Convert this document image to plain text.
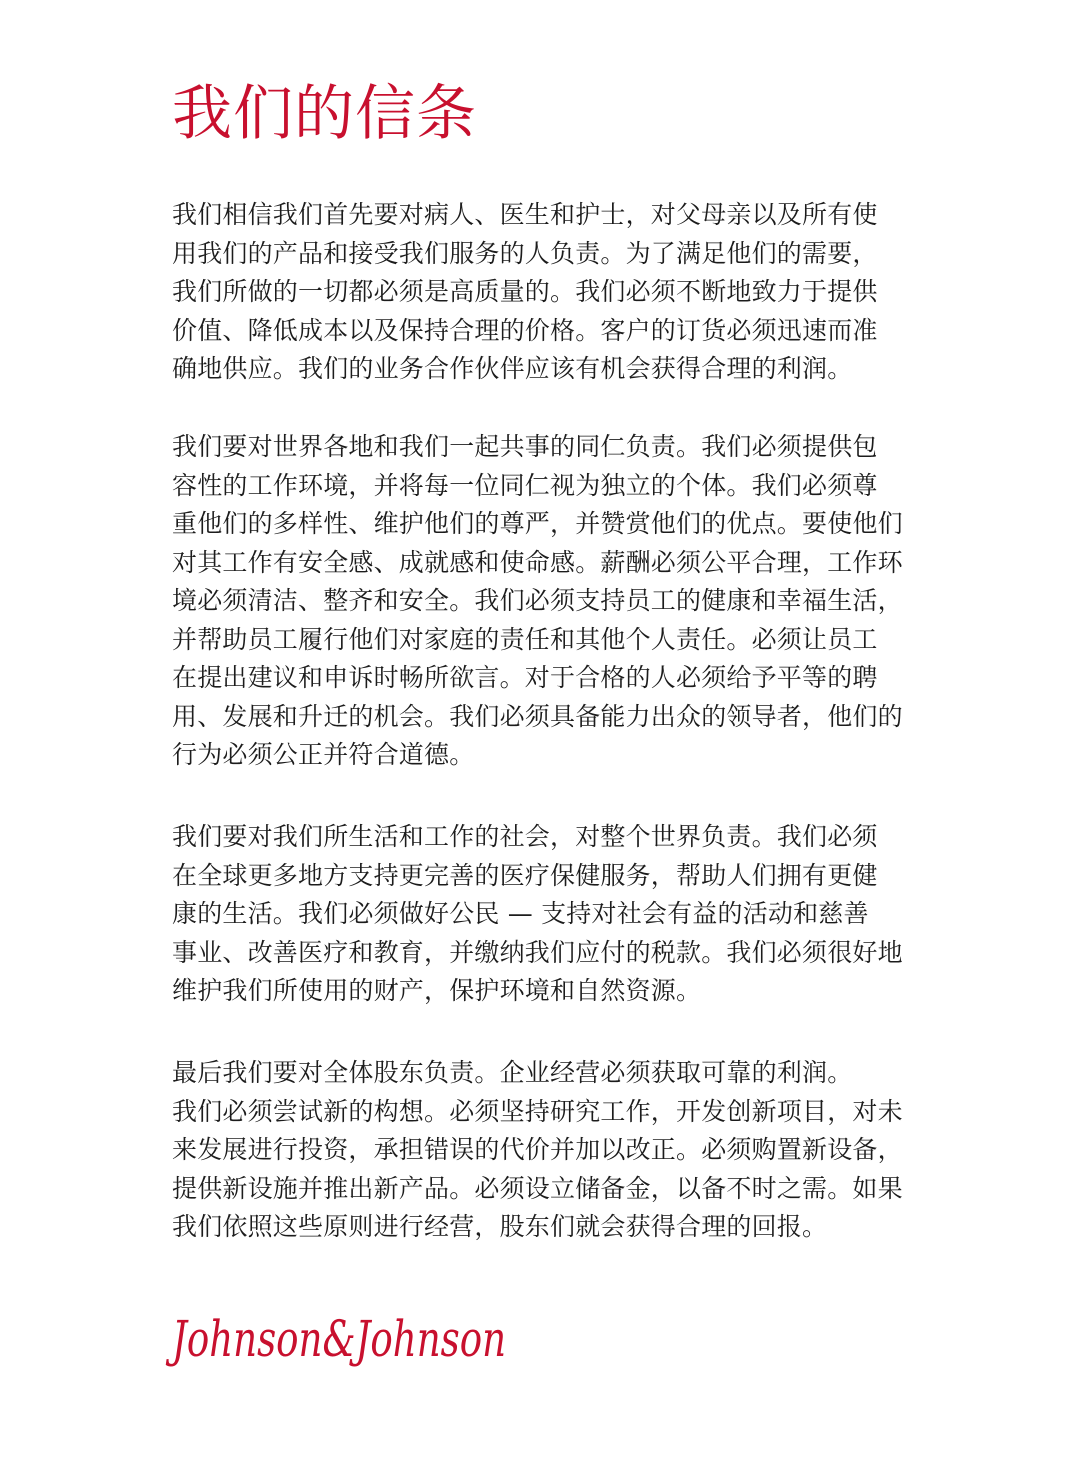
我们的信条
我们相信我们首先要对病人、医生和护士，对父母亲以及所有使
用我们的产品和接受我们服务的人负责。为了满足他们的需要，
我们所做的一切都必须是高质量的。我们必须不断地致力于提供
价值、降低成本以及保持合理的价格。客户的订货必须迅速而准
确地供应。我们的业务合作伙伴应该有机会获得合理的利润。
我们要对世界各地和我们一起共事的同仁负责。我们必须提供包
容性的工作环境，并将每一位同仁视为独立的个体。我们必须尊
重他们的多样性、维护他们的尊严，并赞赏他们的优点。要使他们
对其工作有安全感、成就感和使命感。薪酬必须公平合理，工作环
境必须清洁、整齐和安全。我们必须支持员工的健康和幸福生活，
并帮助员工履行他们对家庭的责任和其他个人责任。必须让员工
在提出建议和申诉时畅所欲言。对于合格的人必须给予平等的聘
用、发展和升迁的机会。我们必须具备能力出众的领导者，他们的
行为必须公正并符合道德。
我们要对我们所生活和工作的社会，对整个世界负责。我们必须
在全球更多地方支持更完善的医疗保健服务，帮助人们拥有更健
康的生活。我们必须做好公民 — 支持对社会有益的活动和慈善
事业、改善医疗和教育，并缴纳我们应付的税款。我们必须很好地
维护我们所使用的财产，保护环境和自然资源。
最后我们要对全体股东负责。企业经营必须获取可靠的利润。
我们必须尝试新的构想。必须坚持研究工作，开发创新项目，对未
来发展进行投资，承担错误的代价并加以改正。必须购置新设备，
提供新设施并推出新产品。必须设立储备金，以备不时之需。如果
我们依照这些原则进行经营，股东们就会获得合理的回报。
Johnson&Johnson
